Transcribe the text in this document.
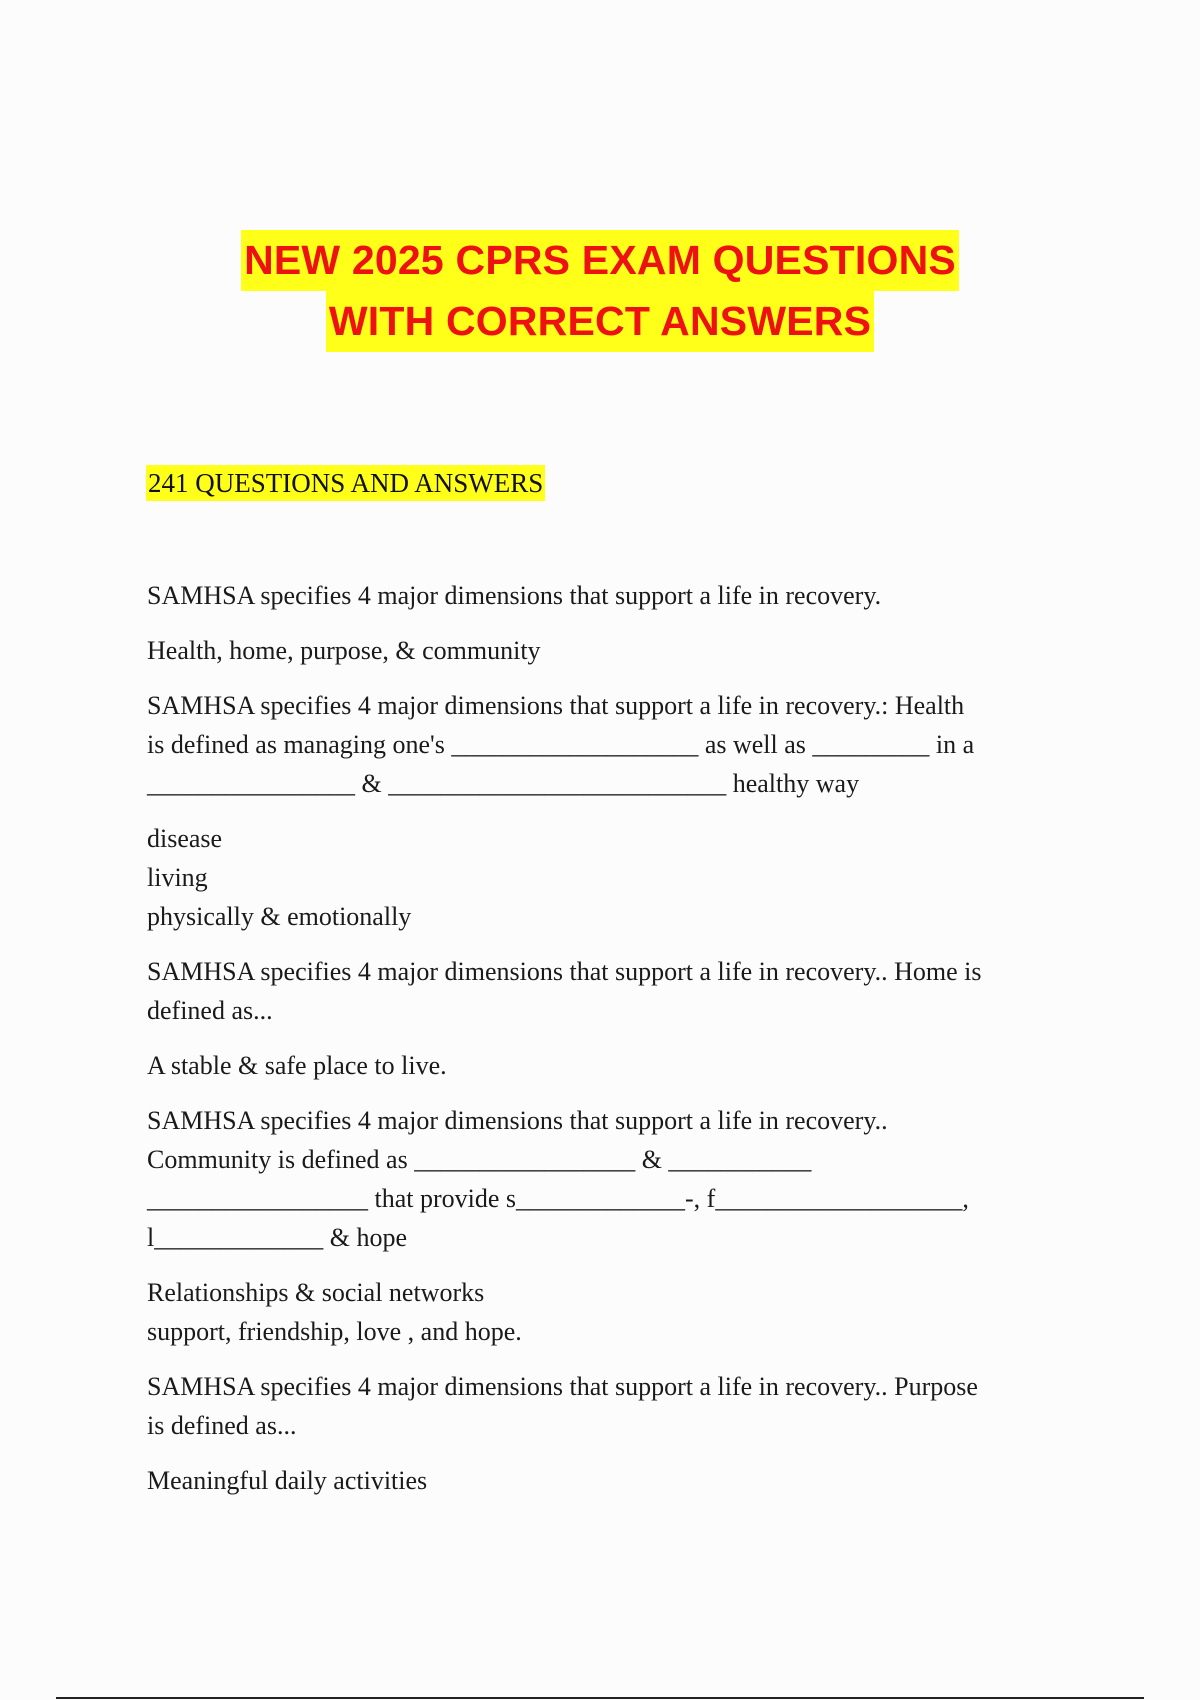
NEW 2025 CPRS EXAM QUESTIONS
WITH CORRECT ANSWERS
241 QUESTIONS AND ANSWERS
SAMHSA specifies 4 major dimensions that support a life in recovery.
Health, home, purpose, & community
SAMHSA specifies 4 major dimensions that support a life in recovery.: Health
is defined as managing one's ___________________ as well as _________ in a
________________ & __________________________ healthy way
disease
living
physically & emotionally
SAMHSA specifies 4 major dimensions that support a life in recovery.. Home is
defined as...
A stable & safe place to live.
SAMHSA specifies 4 major dimensions that support a life in recovery..
Community is defined as _________________ & ___________
_________________ that provide s_____________-, f___________________,
l_____________ & hope
Relationships & social networks
support, friendship, love , and hope.
SAMHSA specifies 4 major dimensions that support a life in recovery.. Purpose
is defined as...
Meaningful daily activities
